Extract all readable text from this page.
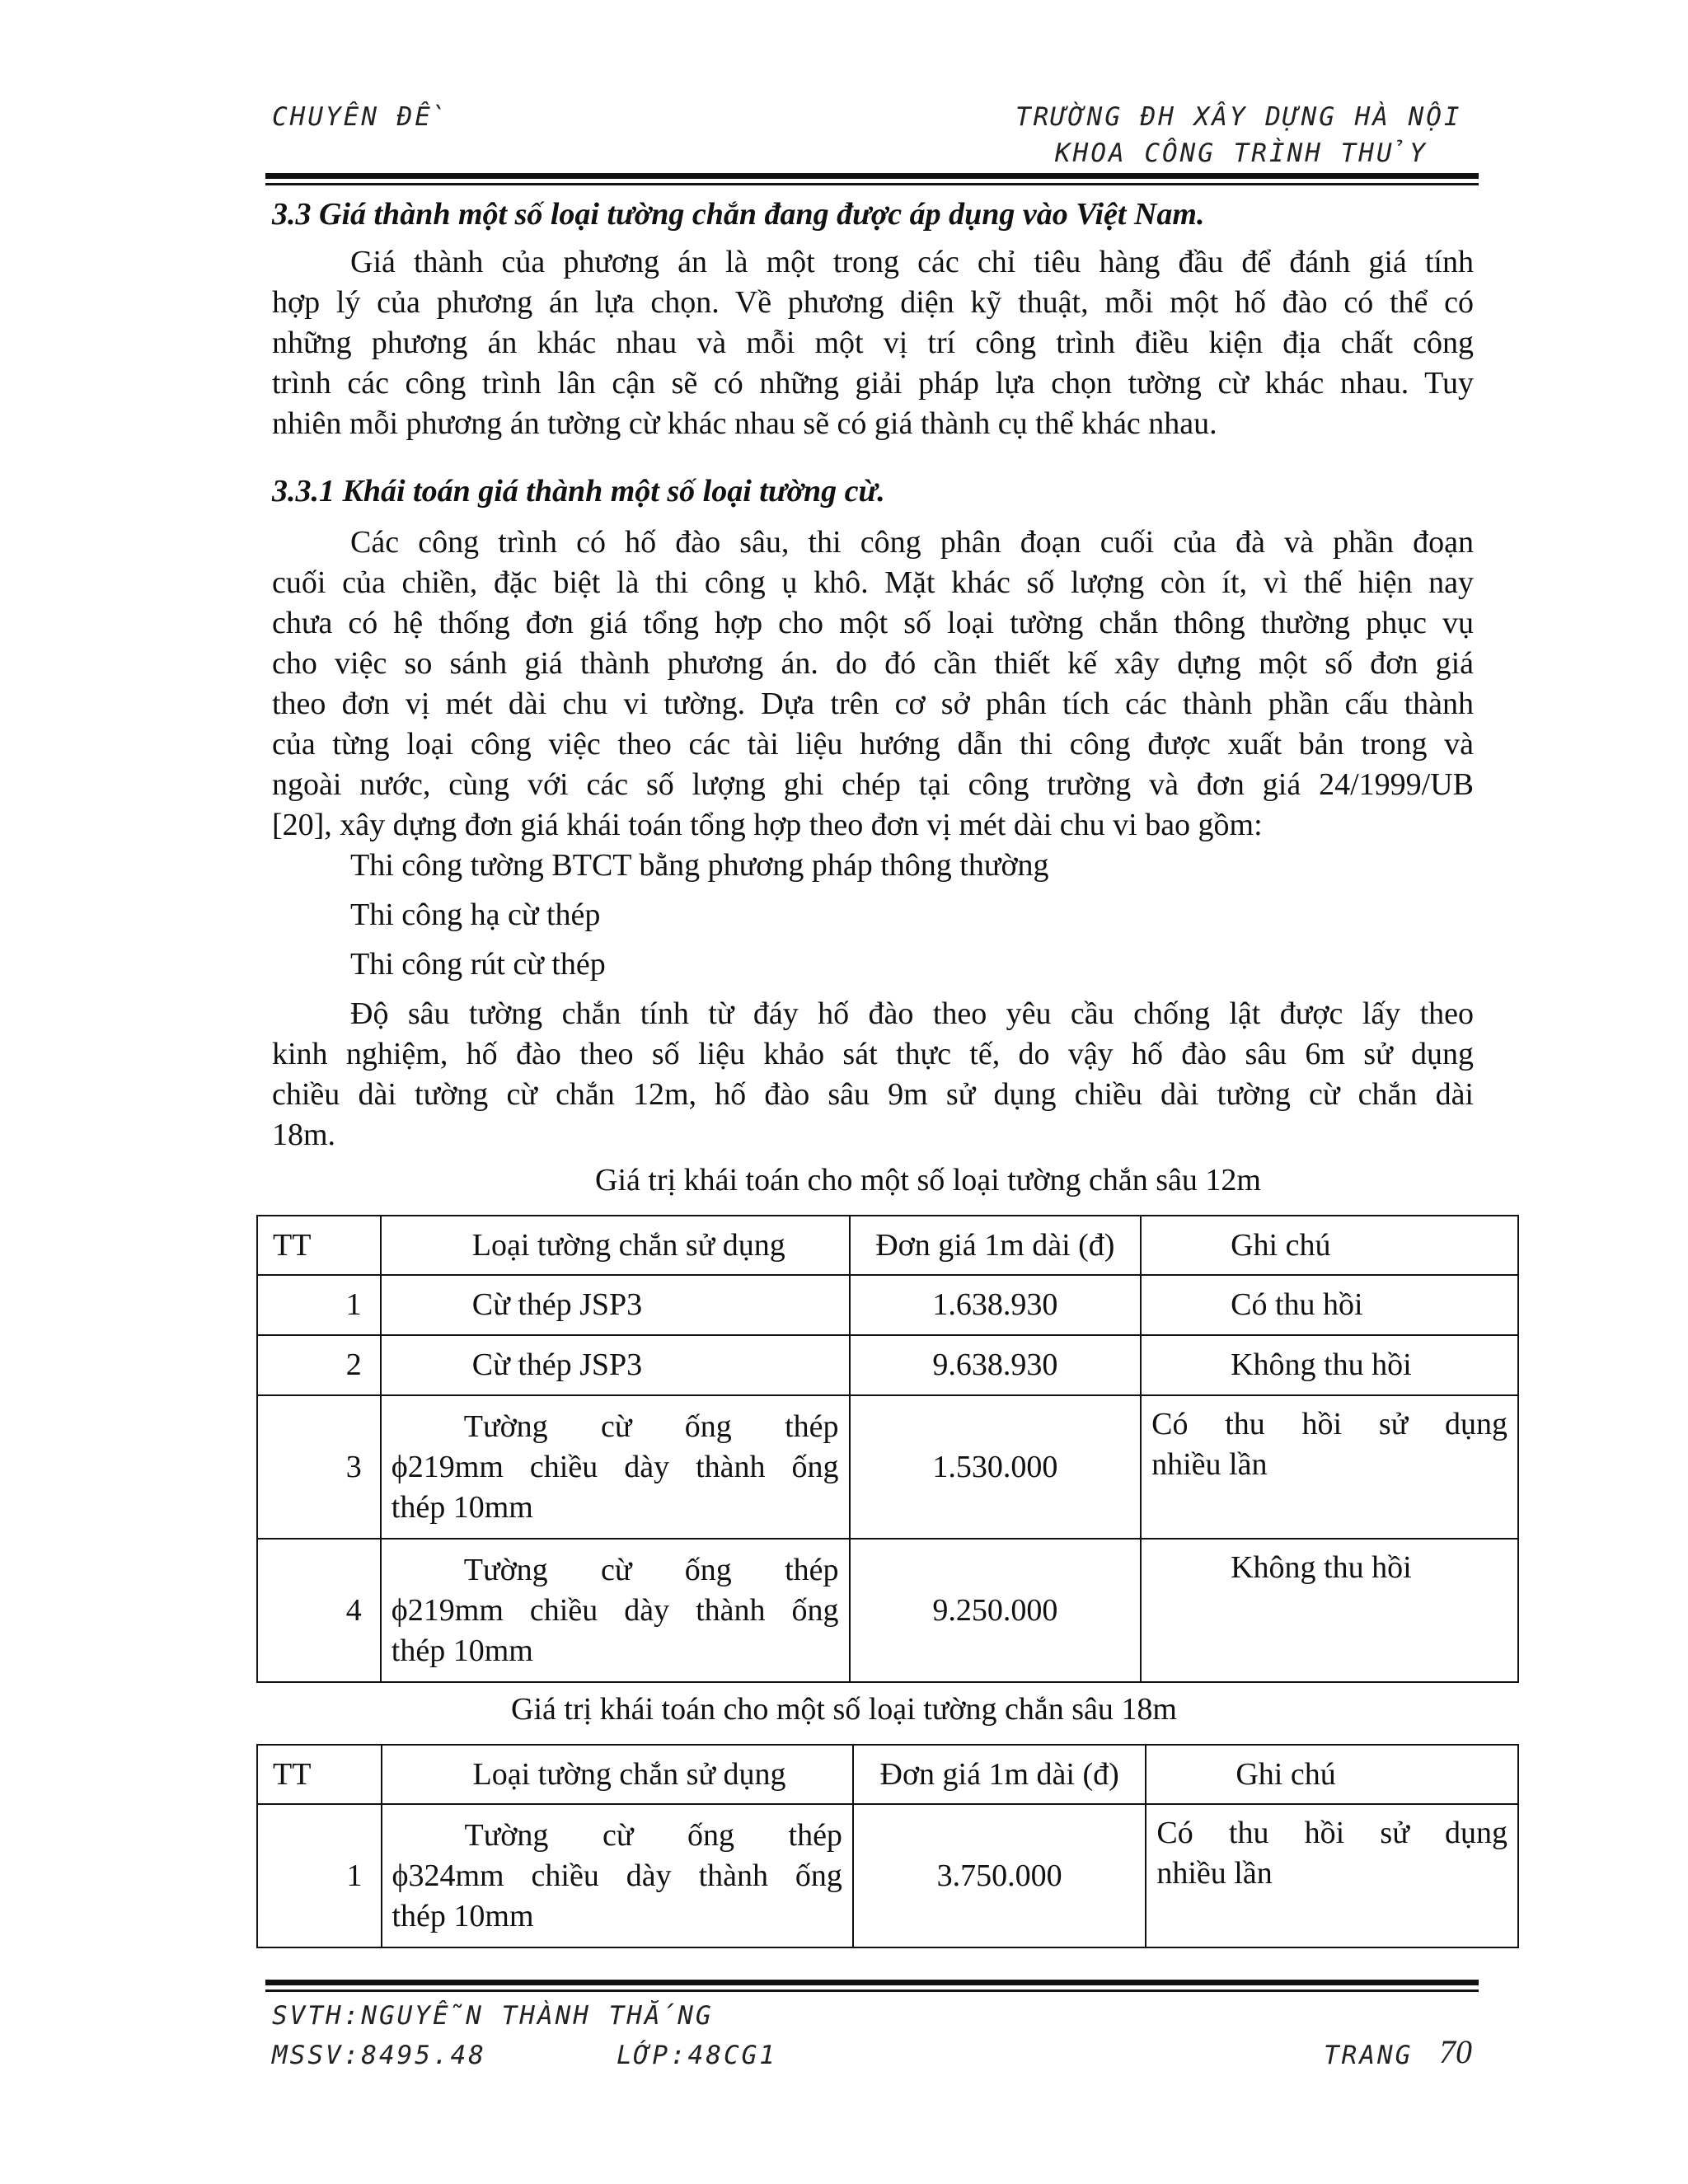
CHUYÊN ĐỀ	TRƯỜNG ĐH XÂY DỰNG HÀ NỘI
KHOA CÔNG TRÌNH THỦY
3.3 Giá thành một số loại tường chắn đang được áp dụng vào Việt Nam.
Giá thành của phương án là một trong các chỉ tiêu hàng đầu để đánh giá tính
hợp lý của phương án lựa chọn. Về phương diện kỹ thuật, mỗi một hố đào có thể có
những phương án khác nhau và mỗi một vị trí công trình điều kiện địa chất công
trình các công trình lân cận sẽ có những giải pháp lựa chọn tường cừ khác nhau. Tuy
nhiên mỗi phương án tường cừ khác nhau sẽ có giá thành cụ thể khác nhau.
3.3.1 Khái toán giá thành một số loại tường cừ.
Các công trình có hố đào sâu, thi công phân đoạn cuối của đà và phần đoạn
cuối của chiền, đặc biệt là thi công ụ khô. Mặt khác số lượng còn ít, vì thế hiện nay
chưa có hệ thống đơn giá tổng hợp cho một số loại tường chắn thông thường phục vụ
cho việc so sánh giá thành phương án. do đó cần thiết kế xây dựng một số đơn giá
theo đơn vị mét dài chu vi tường. Dựa trên cơ sở phân tích các thành phần cấu thành
của từng loại công việc theo các tài liệu hướng dẫn thi công được xuất bản trong và
ngoài nước, cùng với các số lượng ghi chép tại công trường và đơn giá 24/1999/UB
[20], xây dựng đơn giá khái toán tổng hợp theo đơn vị mét dài chu vi bao gồm:
Thi công tường BTCT bằng phương pháp thông thường
Thi công hạ cừ thép
Thi công rút cừ thép
Độ sâu tường chắn tính từ đáy hố đào theo yêu cầu chống lật được lấy theo
kinh nghiệm, hố đào theo số liệu khảo sát thực tế, do vậy hố đào sâu 6m sử dụng
chiều dài tường cừ chắn 12m, hố đào sâu 9m sử dụng chiều dài tường cừ chắn dài
18m.
Giá trị khái toán cho một số loại tường chắn sâu 12m
TT	Loại tường chắn sử dụng	Đơn giá 1m dài (đ)	Ghi chú
1	Cừ thép JSP3	1.638.930	Có thu hồi
2	Cừ thép JSP3	9.638.930	Không thu hồi
3	Tường cừ ống thép
ϕ219mm chiều dày thành ống
thép 10mm	1.530.000	Có thu hồi sử dụng
nhiều lần

4	Tường cừ ống thép
ϕ219mm chiều dày thành ống
thép 10mm	9.250.000	Không thu hồi
Giá trị khái toán cho một số loại tường chắn sâu 18m
TT	Loại tường chắn sử dụng	Đơn giá 1m dài (đ)	Ghi chú
1	Tường cừ ống thép
ϕ324mm chiều dày thành ống
thép 10mm	3.750.000	Có thu hồi sử dụng
nhiều lần
SVTH:NGUYỄN THÀNH THẮNG
MSSV:8495.48	LỚP:48CG1	TRANG 70
